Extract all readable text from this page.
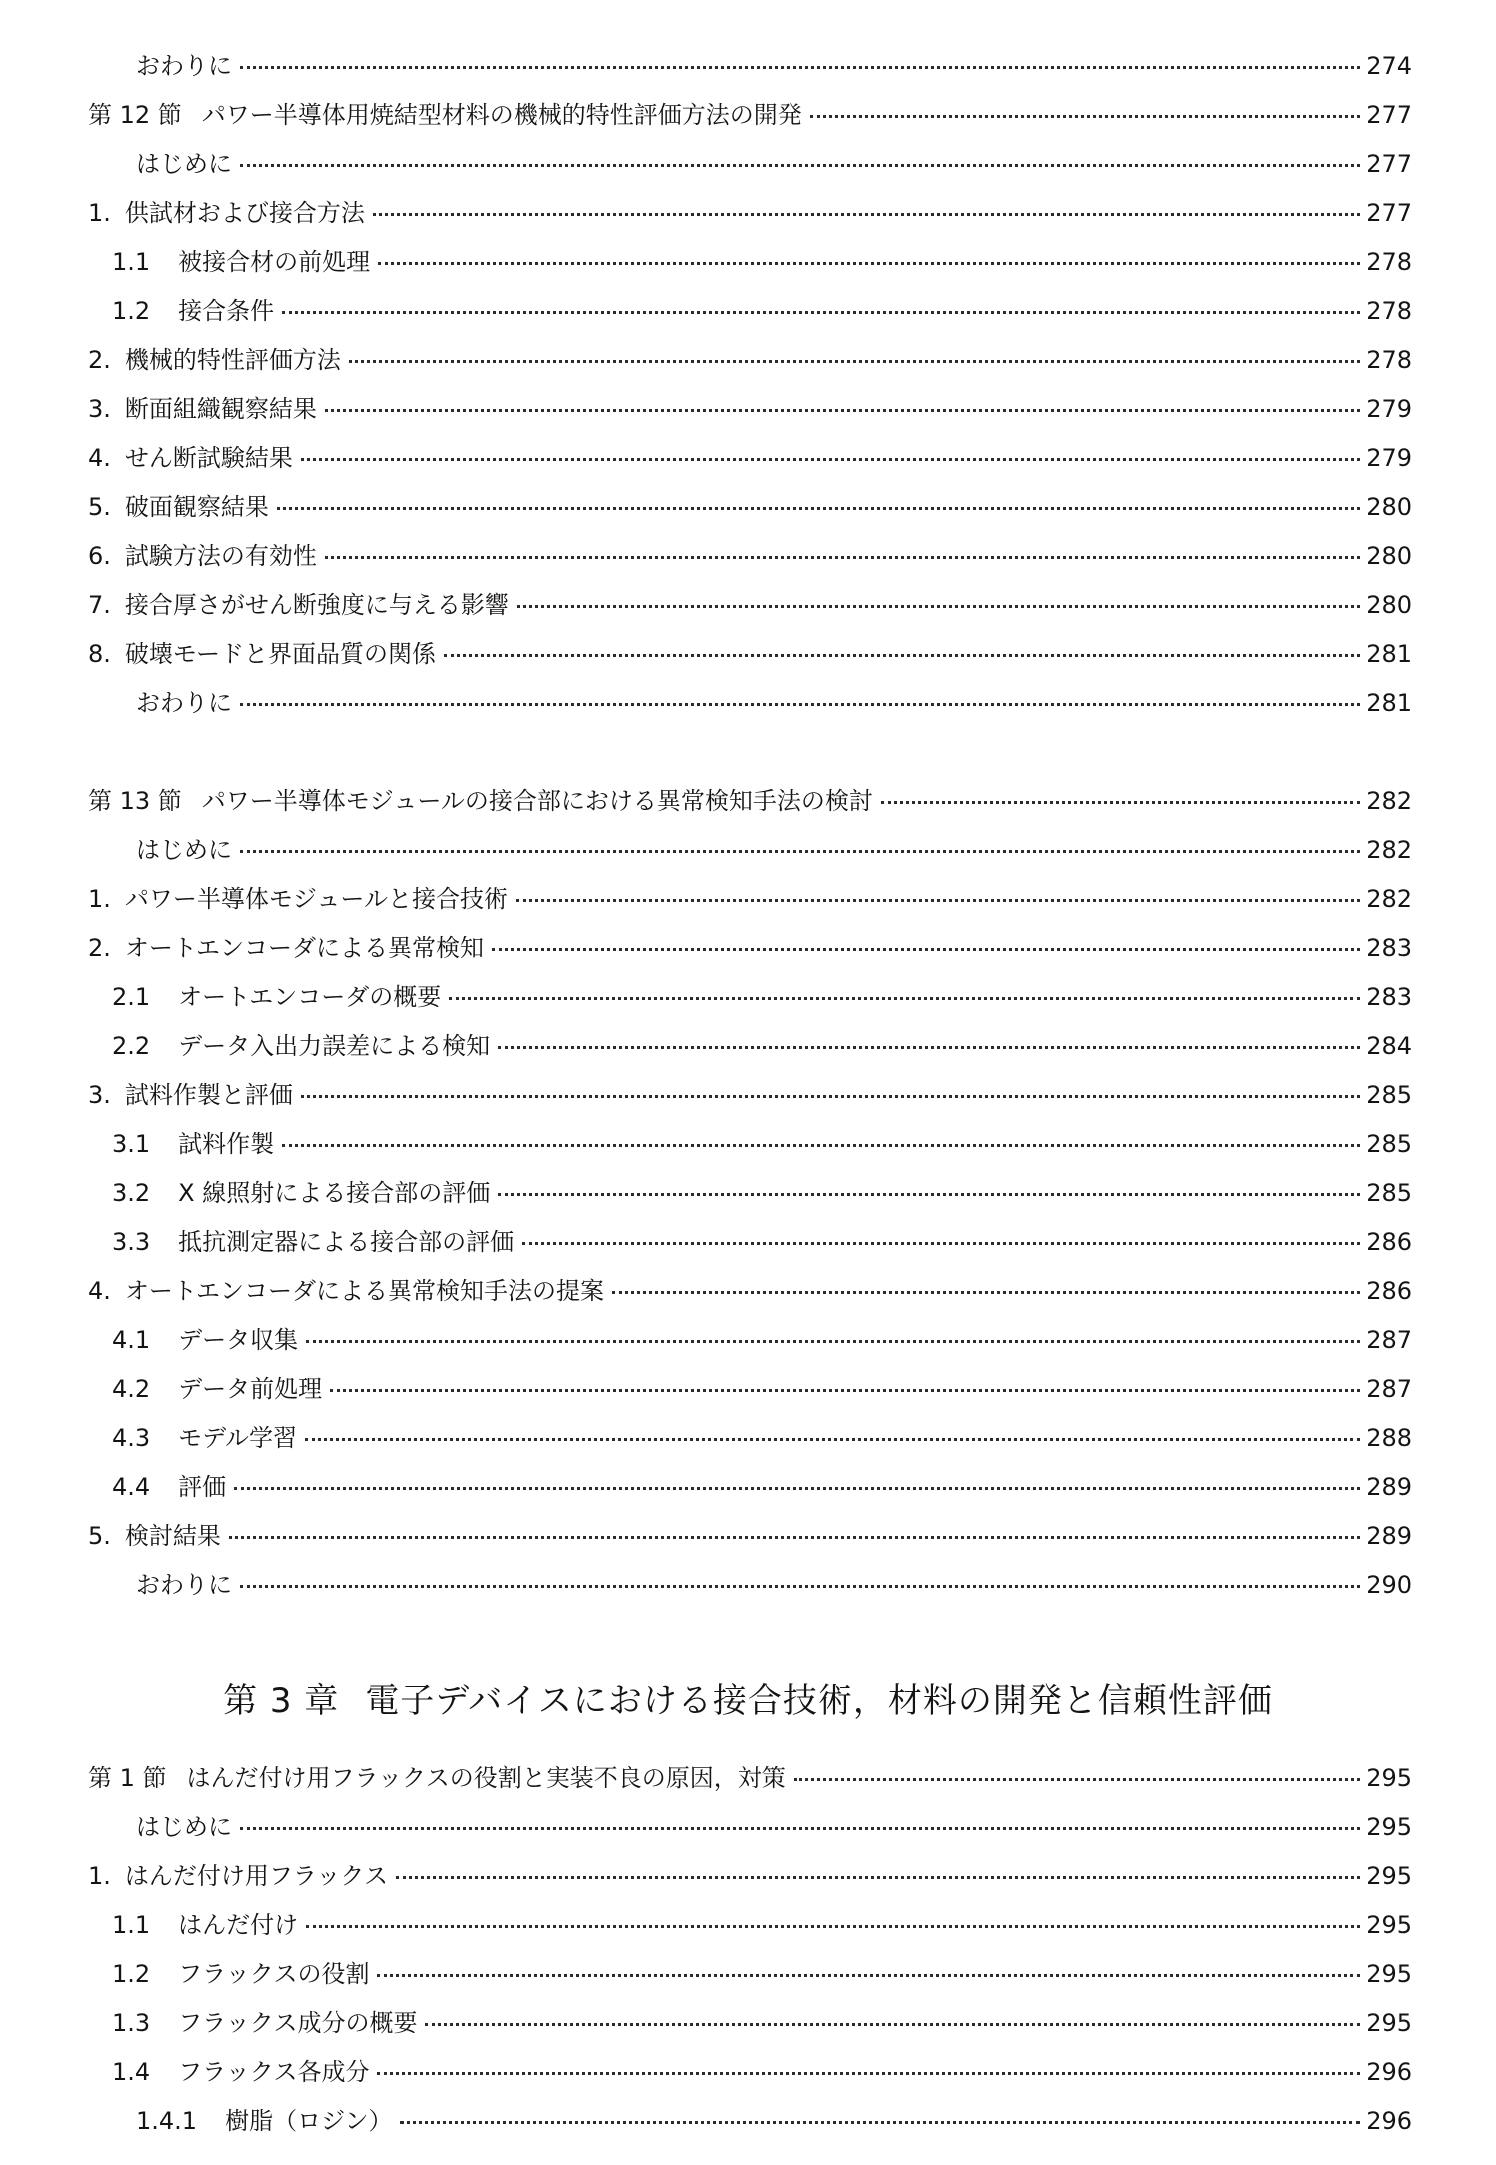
おわりに	274
第 12 節 パワー半導体用焼結型材料の機械的特性評価方法の開発	277
はじめに	277
1. 供試材および接合方法	277
1.1 被接合材の前処理	278
1.2 接合条件	278
2. 機械的特性評価方法	278
3. 断面組織観察結果	279
4. せん断試験結果	279
5. 破面観察結果	280
6. 試験方法の有効性	280
7. 接合厚さがせん断強度に与える影響	280
8. 破壊モードと界面品質の関係	281
おわりに	281
第 13 節 パワー半導体モジュールの接合部における異常検知手法の検討	282
はじめに	282
1. パワー半導体モジュールと接合技術	282
2. オートエンコーダによる異常検知	283
2.1 オートエンコーダの概要	283
2.2 データ入出力誤差による検知	284
3. 試料作製と評価	285
3.1 試料作製	285
3.2 X 線照射による接合部の評価	285
3.3 抵抗測定器による接合部の評価	286
4. オートエンコーダによる異常検知手法の提案	286
4.1 データ収集	287
4.2 データ前処理	287
4.3 モデル学習	288
4.4 評価	289
5. 検討結果	289
おわりに	290
第 3 章 電子デバイスにおける接合技術，材料の開発と信頼性評価
第 1 節 はんだ付け用フラックスの役割と実装不良の原因，対策	295
はじめに	295
1. はんだ付け用フラックス	295
1.1 はんだ付け	295
1.2 フラックスの役割	295
1.3 フラックス成分の概要	295
1.4 フラックス各成分	296
1.4.1 樹脂（ロジン）	296
